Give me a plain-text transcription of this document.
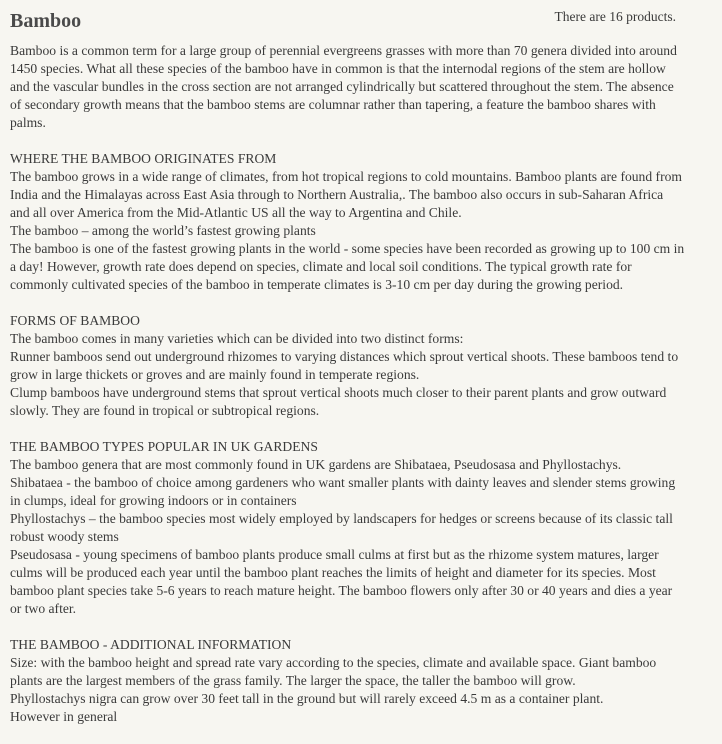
Bamboo	There are 16 products.

Bamboo is a common term for a large group of perennial evergreens grasses with more than 70 genera divided into around 1450 species. What all these species of the bamboo have in common is that the internodal regions of the stem are hollow and the vascular bundles in the cross section are not arranged cylindrically but scattered throughout the stem. The absence of secondary growth means that the bamboo stems are columnar rather than tapering, a feature the bamboo shares with palms.

WHERE THE BAMBOO ORIGINATES FROM

The bamboo grows in a wide range of climates, from hot tropical regions to cold mountains. Bamboo plants are found from India and the Himalayas across East Asia through to Northern Australia,. The bamboo also occurs in sub-Saharan Africa and all over America from the Mid-Atlantic US all the way to Argentina and Chile.

The bamboo – among the world’s fastest growing plants

The bamboo is one of the fastest growing plants in the world - some species have been recorded as growing up to 100 cm in a day! However, growth rate does depend on species, climate and local soil conditions. The typical growth rate for commonly cultivated species of the bamboo in temperate climates is 3-10 cm per day during the growing period.

FORMS OF BAMBOO

The bamboo comes in many varieties which can be divided into two distinct forms:

Runner bamboos send out underground rhizomes to varying distances which sprout vertical shoots. These bamboos tend to grow in large thickets or groves and are mainly found in temperate regions.

Clump bamboos have underground stems that sprout vertical shoots much closer to their parent plants and grow outward slowly. They are found in tropical or subtropical regions.

THE BAMBOO TYPES POPULAR IN UK GARDENS

The bamboo genera that are most commonly found in UK gardens are Shibataea, Pseudosasa and Phyllostachys.

Shibataea - the bamboo of choice among gardeners who want smaller plants with dainty leaves and slender stems growing in clumps, ideal for growing indoors or in containers

Phyllostachys – the bamboo species most widely employed by landscapers for hedges or screens because of its classic tall robust woody stems

Pseudosasa - young specimens of bamboo plants produce small culms at first but as the rhizome system matures, larger culms will be produced each year until the bamboo plant reaches the limits of height and diameter for its species. Most bamboo plant species take 5-6 years to reach mature height. The bamboo flowers only after 30 or 40 years and dies a year or two after.

THE BAMBOO - ADDITIONAL INFORMATION

Size: with the bamboo height and spread rate vary according to the species, climate and available space. Giant bamboo plants are the largest members of the grass family. The larger the space, the taller the bamboo will grow.

Phyllostachys nigra can grow over 30 feet tall in the ground but will rarely exceed 4.5 m as a container plant.

However in general
